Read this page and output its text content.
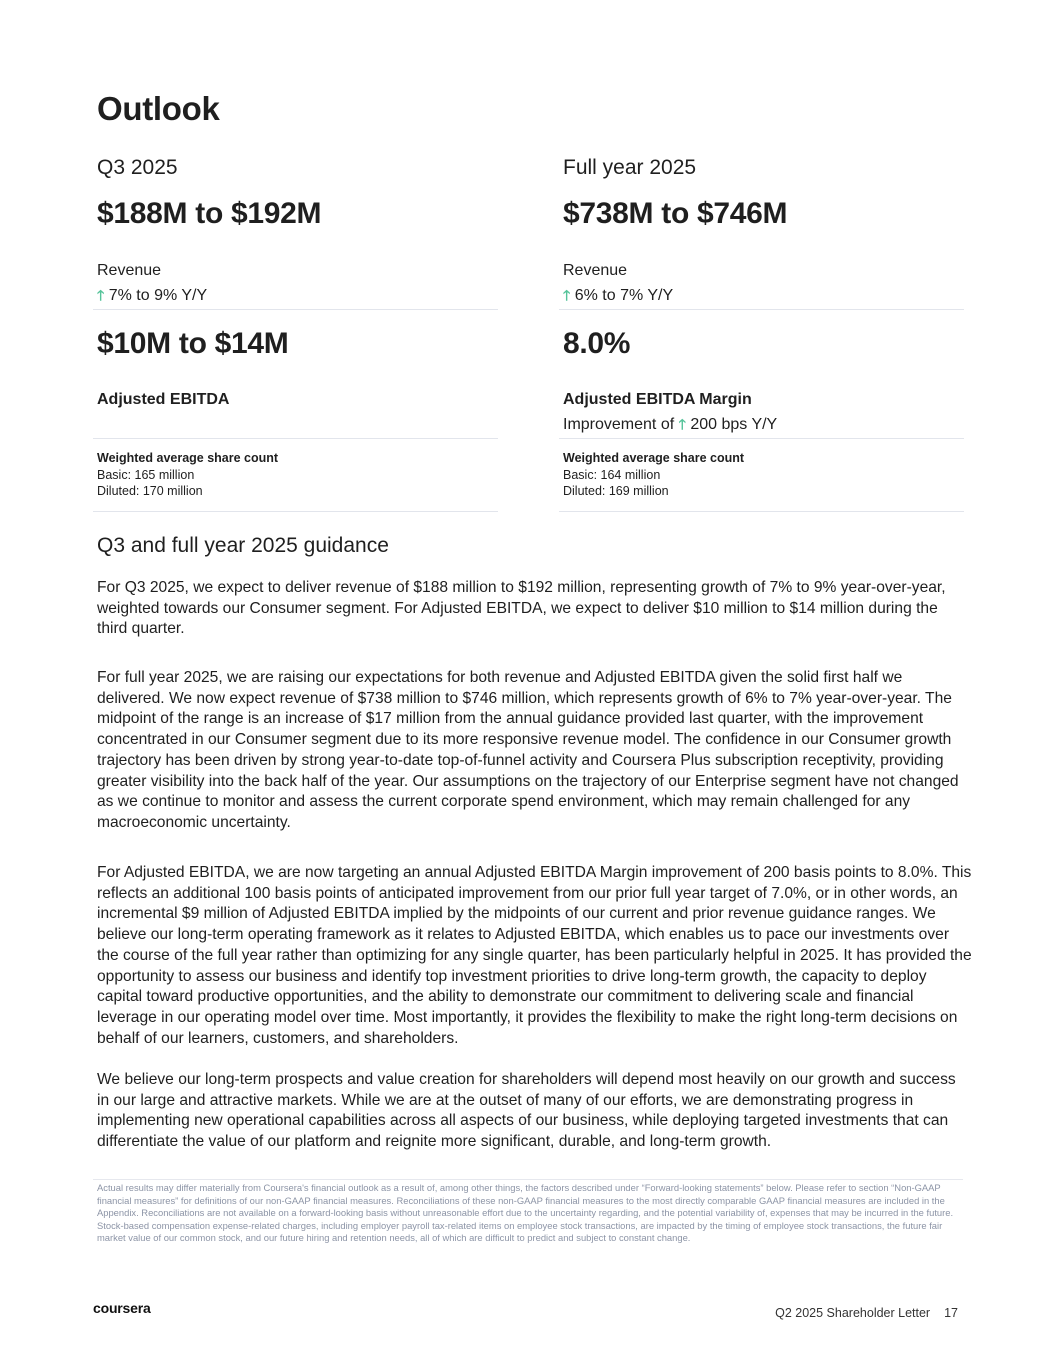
Outlook
Q3 2025
$188M to $192M
Revenue
🡑 7% to 9% Y/Y
$10M to $14M
Adjusted EBITDA
Weighted average share count
Basic: 165 million
Diluted: 170 million
Full year 2025
$738M to $746M
Revenue
🡑 6% to 7% Y/Y
8.0%
Adjusted EBITDA Margin
Improvement of 🡑 200 bps Y/Y
Weighted average share count
Basic: 164 million
Diluted: 169 million
Q3 and full year 2025 guidance

For Q3 2025, we expect to deliver revenue of $188 million to $192 million, representing growth of 7% to 9% year-over-year, weighted towards our Consumer segment. For Adjusted EBITDA, we expect to deliver $10 million to $14 million during the third quarter.

For full year 2025, we are raising our expectations for both revenue and Adjusted EBITDA given the solid first half we delivered. We now expect revenue of $738 million to $746 million, which represents growth of 6% to 7% year-over-year. The midpoint of the range is an increase of $17 million from the annual guidance provided last quarter, with the improvement concentrated in our Consumer segment due to its more responsive revenue model. The confidence in our Consumer growth trajectory has been driven by strong year-to-date top-of-funnel activity and Coursera Plus subscription receptivity, providing greater visibility into the back half of the year. Our assumptions on the trajectory of our Enterprise segment have not changed as we continue to monitor and assess the current corporate spend environment, which may remain challenged for any macroeconomic uncertainty.

For Adjusted EBITDA, we are now targeting an annual Adjusted EBITDA Margin improvement of 200 basis points to 8.0%. This reflects an additional 100 basis points of anticipated improvement from our prior full year target of 7.0%, or in other words, an incremental $9 million of Adjusted EBITDA implied by the midpoints of our current and prior revenue guidance ranges. We believe our long-term operating framework as it relates to Adjusted EBITDA, which enables us to pace our investments over the course of the full year rather than optimizing for any single quarter, has been particularly helpful in 2025. It has provided the opportunity to assess our business and identify top investment priorities to drive long-term growth, the capacity to deploy capital toward productive opportunities, and the ability to demonstrate our commitment to delivering scale and financial leverage in our operating model over time. Most importantly, it provides the flexibility to make the right long-term decisions on behalf of our learners, customers, and shareholders.

We believe our long-term prospects and value creation for shareholders will depend most heavily on our growth and success in our large and attractive markets. While we are at the outset of many of our efforts, we are demonstrating progress in implementing new operational capabilities across all aspects of our business, while deploying targeted investments that can differentiate the value of our platform and reignite more significant, durable, and long-term growth.

Actual results may differ materially from Coursera's financial outlook as a result of, among other things, the factors described under “Forward-looking statements” below. Please refer to section “Non-GAAP financial measures” for definitions of our non-GAAP financial measures. Reconciliations of these non-GAAP financial measures to the most directly comparable GAAP financial measures are included in the Appendix. Reconciliations are not available on a forward-looking basis without unreasonable effort due to the uncertainty regarding, and the potential variability of, expenses that may be incurred in the future. Stock-based compensation expense-related charges, including employer payroll tax-related items on employee stock transactions, are impacted by the timing of employee stock transactions, the future fair market value of our common stock, and our future hiring and retention needs, all of which are difficult to predict and subject to constant change.

coursera	Q2 2025 Shareholder Letter 17
